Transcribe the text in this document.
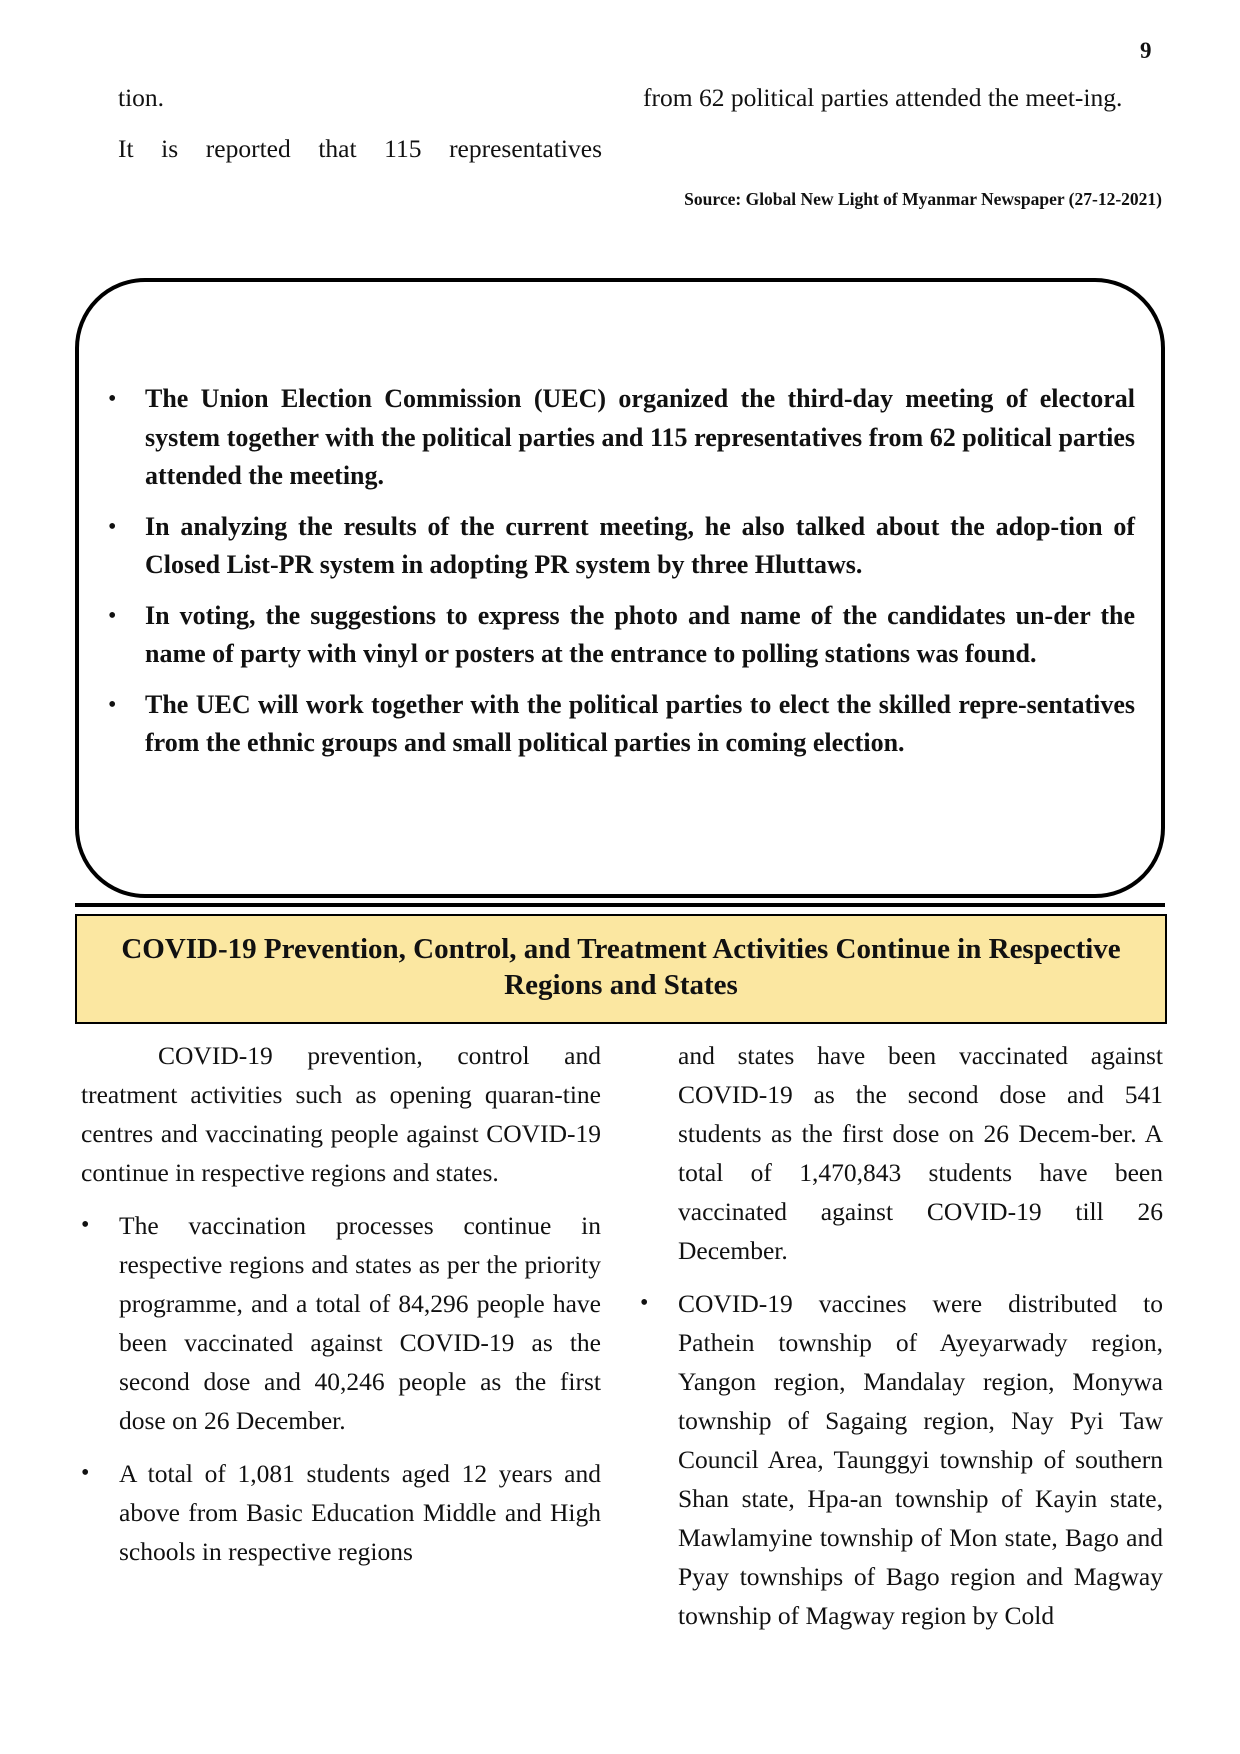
9

tion.

It is reported that 115 representatives

from 62 political parties attended the meet-ing.

Source: Global New Light of Myanmar Newspaper (27-12-2021)
• The Union Election Commission (UEC) organized the third-day meeting of electoral system together with the political parties and 115 representatives from 62 political parties attended the meeting.
• In analyzing the results of the current meeting, he also talked about the adop-tion of Closed List-PR system in adopting PR system by three Hluttaws.
• In voting, the suggestions to express the photo and name of the candidates un-der the name of party with vinyl or posters at the entrance to polling stations was found.
• The UEC will work together with the political parties to elect the skilled repre-sentatives from the ethnic groups and small political parties in coming election.
COVID-19 Prevention, Control, and Treatment Activities Continue in Respective Regions and States

COVID-19 prevention, control and treatment activities such as opening quaran-tine centres and vaccinating people against COVID-19 continue in respective regions and states.

• The vaccination processes continue in respective regions and states as per the priority programme, and a total of 84,296 people have been vaccinated against COVID-19 as the second dose and 40,246 people as the first dose on 26 December.
• A total of 1,081 students aged 12 years and above from Basic Education Middle and High schools in respective regions

and states have been vaccinated against COVID-19 as the second dose and 541 students as the first dose on 26 Decem-ber. A total of 1,470,843 students have been vaccinated against COVID-19 till 26 December.

• COVID-19 vaccines were distributed to Pathein township of Ayeyarwady region, Yangon region, Mandalay region, Monywa township of Sagaing region, Nay Pyi Taw Council Area, Taunggyi township of southern Shan state, Hpa-an township of Kayin state, Mawlamyine township of Mon state, Bago and Pyay townships of Bago region and Magway township of Magway region by Cold
